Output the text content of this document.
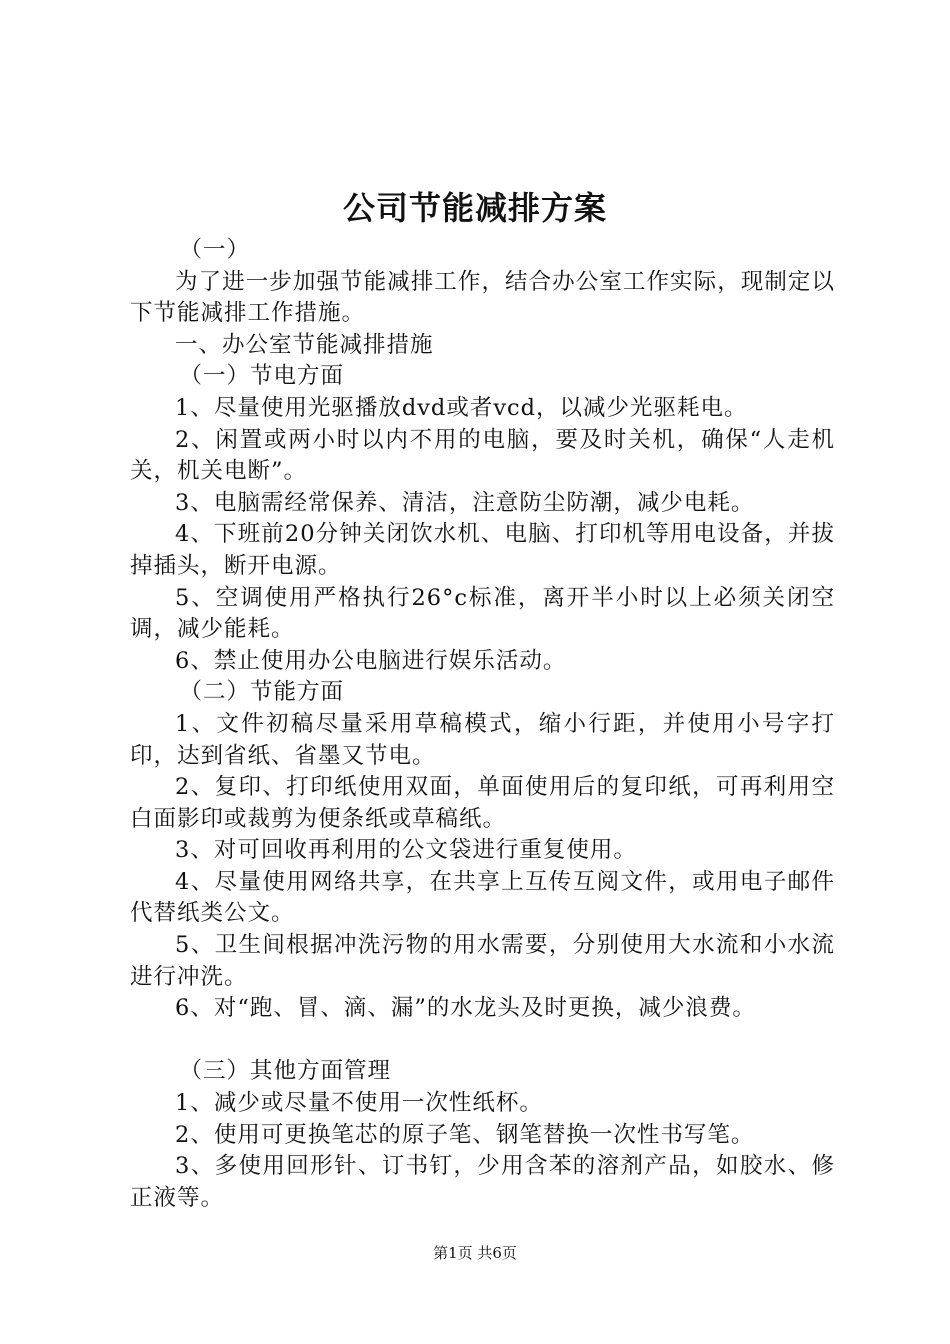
公司节能减排方案

（一）

为了进一步加强节能减排工作，结合办公室工作实际，现制定以下节能减排工作措施。

一、办公室节能减排措施

（一）节电方面

1、尽量使用光驱播放dvd或者vcd，以减少光驱耗电。

2、闲置或两小时以内不用的电脑，要及时关机，确保“人走机关，机关电断”。

3、电脑需经常保养、清洁，注意防尘防潮，减少电耗。

4、下班前20分钟关闭饮水机、电脑、打印机等用电设备，并拔掉插头，断开电源。

5、空调使用严格执行26°c标准，离开半小时以上必须关闭空调，减少能耗。

6、禁止使用办公电脑进行娱乐活动。

（二）节能方面

1、文件初稿尽量采用草稿模式，缩小行距，并使用小号字打印，达到省纸、省墨又节电。

2、复印、打印纸使用双面，单面使用后的复印纸，可再利用空白面影印或裁剪为便条纸或草稿纸。

3、对可回收再利用的公文袋进行重复使用。

4、尽量使用网络共享，在共享上互传互阅文件，或用电子邮件代替纸类公文。

5、卫生间根据冲洗污物的用水需要，分别使用大水流和小水流进行冲洗。

6、对“跑、冒、滴、漏”的水龙头及时更换，减少浪费。

（三）其他方面管理

1、减少或尽量不使用一次性纸杯。

2、使用可更换笔芯的原子笔、钢笔替换一次性书写笔。

3、多使用回形针、订书钉，少用含苯的溶剂产品，如胶水、修正液等。

第1页 共6页
